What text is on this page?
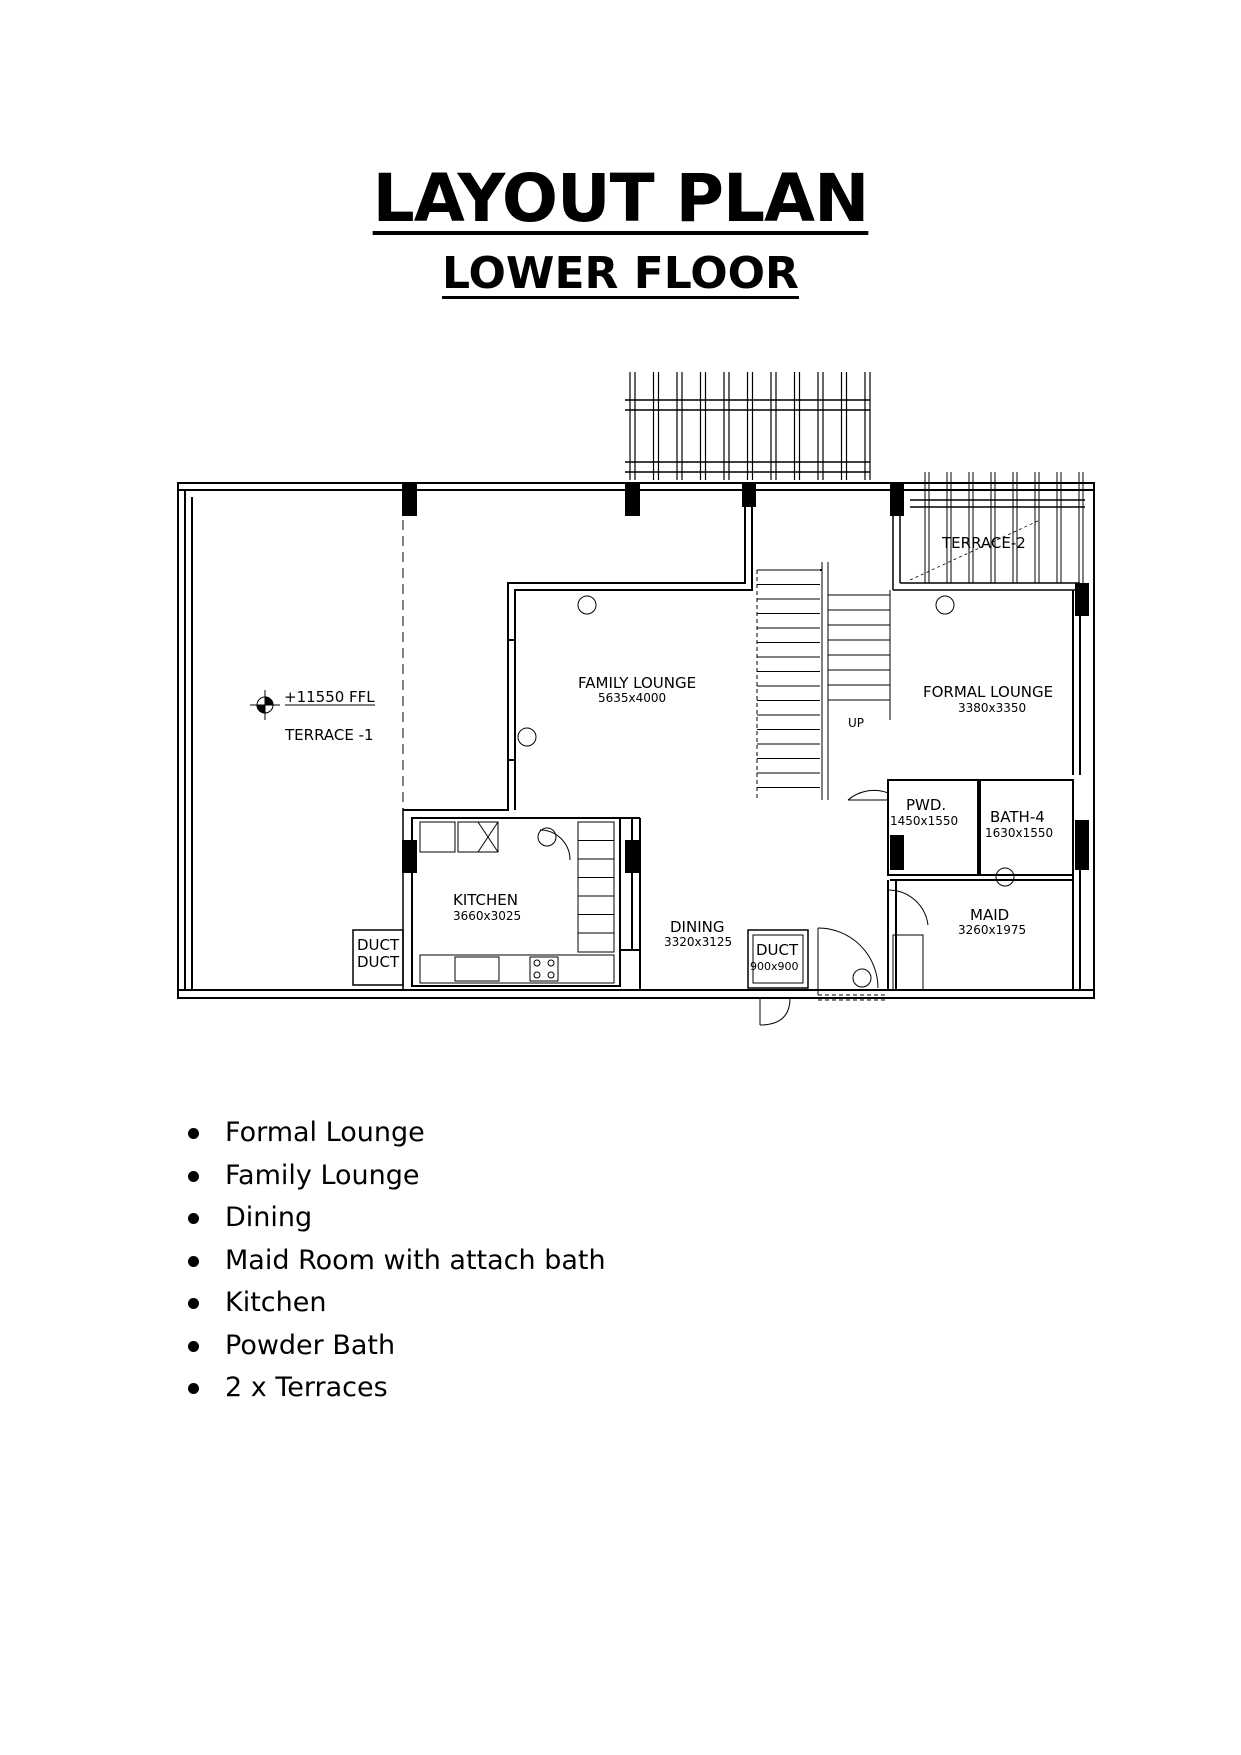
LAYOUT PLAN
LOWER FLOOR
UP
TERRACE -1
+11550 FFL
TERRACE-2
FAMILY LOUNGE
5635x4000	FORMAL LOUNGE
3380x3350
KITCHEN
3660x3025
DINING
3320x3125 DUCT
900x900
DUCT
DUCT
PWD.
1450x1550 BATH-4
1630x1550
MAID
3260x1975
Formal Lounge
Family Lounge
Dining
Maid Room with attach bath
Kitchen
Powder Bath
2 x Terraces
